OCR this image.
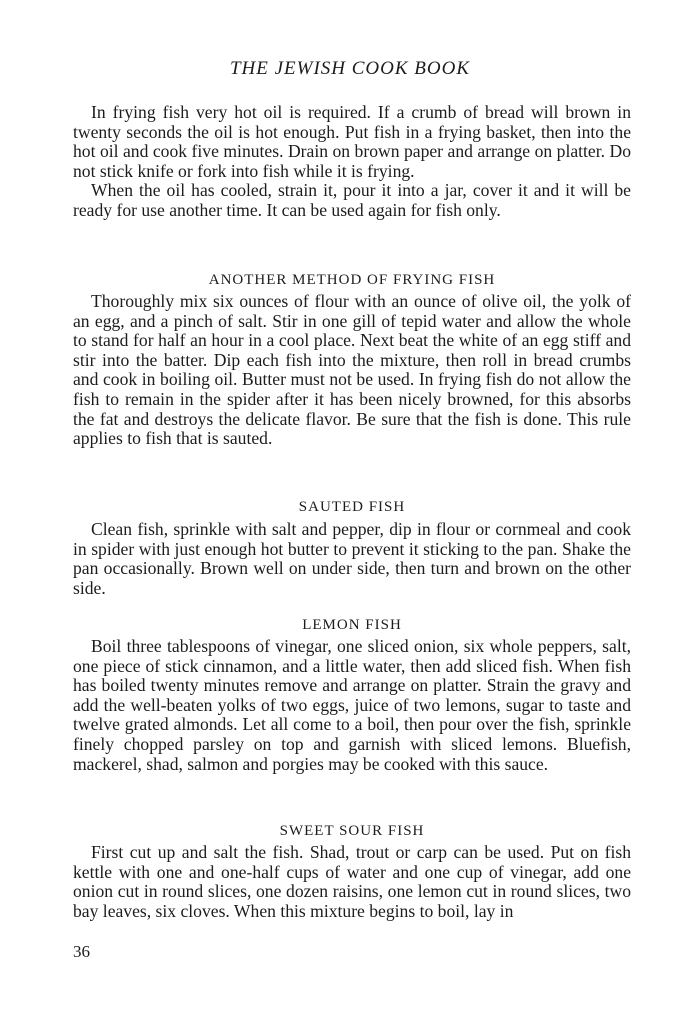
THE JEWISH COOK BOOK

In frying fish very hot oil is required. If a crumb of bread will brown in twenty seconds the oil is hot enough. Put fish in a frying basket, then into the hot oil and cook five minutes. Drain on brown paper and arrange on platter. Do not stick knife or fork into fish while it is frying.

When the oil has cooled, strain it, pour it into a jar, cover it and it will be ready for use another time. It can be used again for fish only.

ANOTHER METHOD OF FRYING FISH

Thoroughly mix six ounces of flour with an ounce of olive oil, the yolk of an egg, and a pinch of salt. Stir in one gill of tepid water and allow the whole to stand for half an hour in a cool place. Next beat the white of an egg stiff and stir into the batter. Dip each fish into the mixture, then roll in bread crumbs and cook in boiling oil. Butter must not be used. In frying fish do not allow the fish to remain in the spider after it has been nicely browned, for this absorbs the fat and destroys the delicate flavor. Be sure that the fish is done. This rule applies to fish that is sauted.

SAUTED FISH

Clean fish, sprinkle with salt and pepper, dip in flour or cornmeal and cook in spider with just enough hot butter to prevent it sticking to the pan. Shake the pan occasionally. Brown well on under side, then turn and brown on the other side.

LEMON FISH

Boil three tablespoons of vinegar, one sliced onion, six whole peppers, salt, one piece of stick cinnamon, and a little water, then add sliced fish. When fish has boiled twenty minutes remove and arrange on platter. Strain the gravy and add the well-beaten yolks of two eggs, juice of two lemons, sugar to taste and twelve grated almonds. Let all come to a boil, then pour over the fish, sprinkle finely chopped parsley on top and garnish with sliced lemons. Bluefish, mackerel, shad, salmon and porgies may be cooked with this sauce.

SWEET SOUR FISH

First cut up and salt the fish. Shad, trout or carp can be used. Put on fish kettle with one and one-half cups of water and one cup of vinegar, add one onion cut in round slices, one dozen raisins, one lemon cut in round slices, two bay leaves, six cloves. When this mixture begins to boil, lay in

36
